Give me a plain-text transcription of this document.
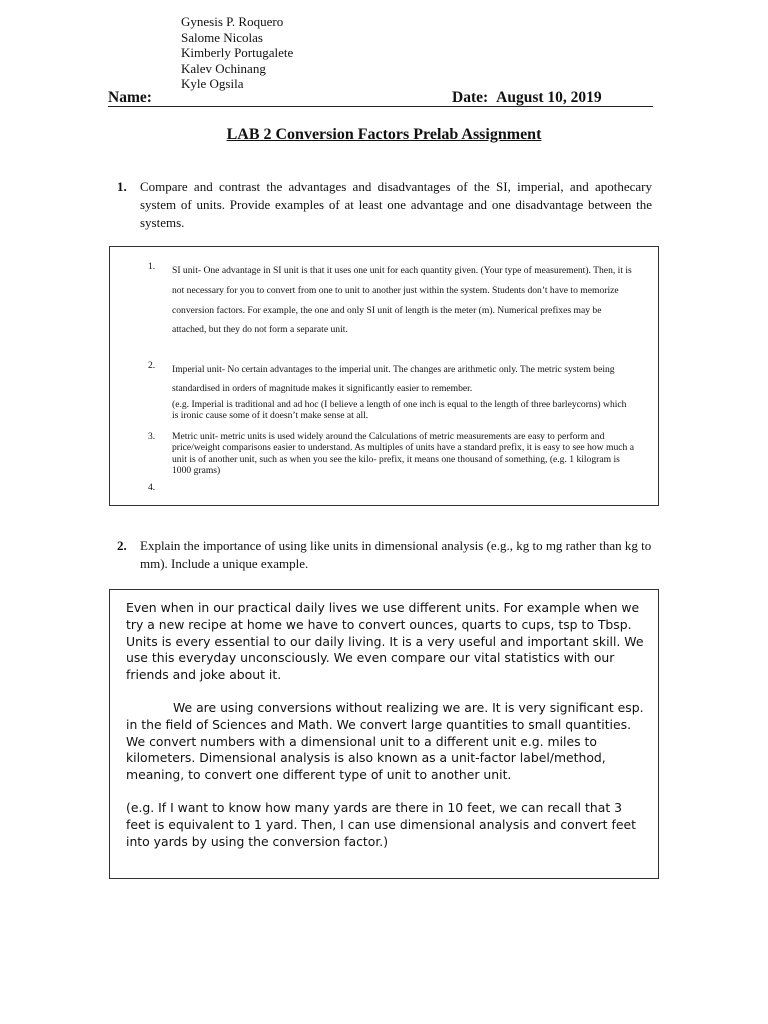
Gynesis P. Roquero
Salome Nicolas
Kimberly Portugalete
Kalev Ochinang
Kyle Ogsila
Name:	Date: August 10, 2019
LAB 2 Conversion Factors Prelab Assignment
1. Compare and contrast the advantages and disadvantages of the SI, imperial, and apothecary system of units. Provide examples of at least one advantage and one disadvantage between the systems.
1. SI unit- One advantage in SI unit is that it uses one unit for each quantity given. (Your type of measurement). Then, it is not necessary for you to convert from one to unit to another just within the system. Students don’t have to memorize conversion factors. For example, the one and only SI unit of length is the meter (m). Numerical prefixes may be attached, but they do not form a separate unit.
2. Imperial unit- No certain advantages to the imperial unit. The changes are arithmetic only. The metric system being standardised in orders of magnitude makes it significantly easier to remember.
(e.g. Imperial is traditional and ad hoc (I believe a length of one inch is equal to the length of three barleycorns) which is ironic cause some of it doesn’t make sense at all.
3. Metric unit- metric units is used widely around the Calculations of metric measurements are easy to perform and price/weight comparisons easier to understand. As multiples of units have a standard prefix, it is easy to see how much a unit is of another unit, such as when you see the kilo- prefix, it means one thousand of something, (e.g. 1 kilogram is 1000 grams)
4.
2. Explain the importance of using like units in dimensional analysis (e.g., kg to mg rather than kg to mm). Include a unique example.

Even when in our practical daily lives we use different units. For example when we try a new recipe at home we have to convert ounces, quarts to cups, tsp to Tbsp. Units is every essential to our daily living. It is a very useful and important skill. We use this everyday unconsciously. We even compare our vital statistics with our friends and joke about it.

We are using conversions without realizing we are. It is very significant esp. in the field of Sciences and Math. We convert large quantities to small quantities. We convert numbers with a dimensional unit to a different unit e.g. miles to kilometers. Dimensional analysis is also known as a unit-factor label/method, meaning, to convert one different type of unit to another unit.

(e.g. If I want to know how many yards are there in 10 feet, we can recall that 3 feet is equivalent to 1 yard. Then, I can use dimensional analysis and convert feet into yards by using the conversion factor.)
